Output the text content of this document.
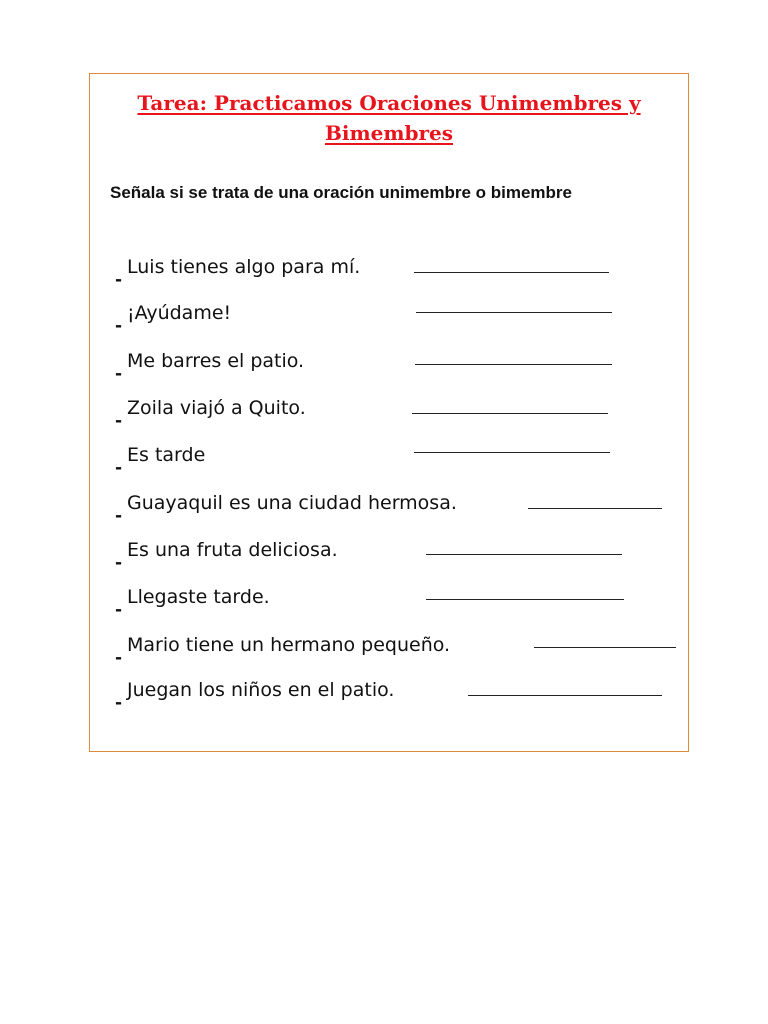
Tarea: Practicamos Oraciones Unimembres y
Bimembres
Señala si se trata de una oración unimembre o bimembre
-
Luis tienes algo para mí.
-
¡Ayúdame!
-
Me barres el patio.
-
Zoila viajó a Quito.
-
Es tarde
-
Guayaquil es una ciudad hermosa.
-
Es una fruta deliciosa.
-
Llegaste tarde.
-
Mario tiene un hermano pequeño.
-
Juegan los niños en el patio.
